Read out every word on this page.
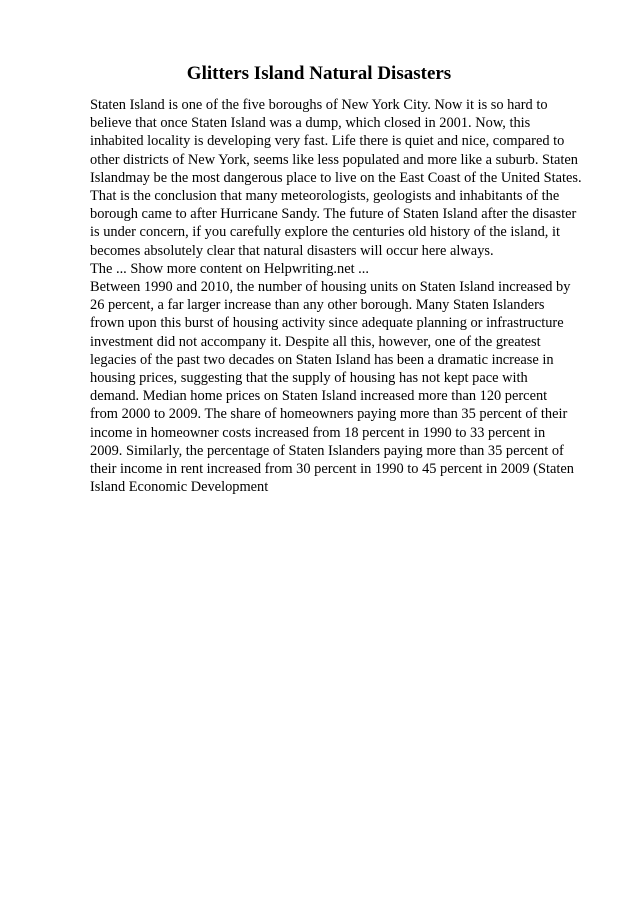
Glitters Island Natural Disasters
Staten Island is one of the five boroughs of New York City. Now it is so hard to
believe that once Staten Island was a dump, which closed in 2001. Now, this
inhabited locality is developing very fast. Life there is quiet and nice, compared to
other districts of New York, seems like less populated and more like a suburb. Staten
Islandmay be the most dangerous place to live on the East Coast of the United States.
That is the conclusion that many meteorologists, geologists and inhabitants of the
borough came to after Hurricane Sandy. The future of Staten Island after the disaster
is under concern, if you carefully explore the centuries old history of the island, it
becomes absolutely clear that natural disasters will occur here always.
The ... Show more content on Helpwriting.net ...
Between 1990 and 2010, the number of housing units on Staten Island increased by
26 percent, a far larger increase than any other borough. Many Staten Islanders
frown upon this burst of housing activity since adequate planning or infrastructure
investment did not accompany it. Despite all this, however, one of the greatest
legacies of the past two decades on Staten Island has been a dramatic increase in
housing prices, suggesting that the supply of housing has not kept pace with
demand. Median home prices on Staten Island increased more than 120 percent
from 2000 to 2009. The share of homeowners paying more than 35 percent of their
income in homeowner costs increased from 18 percent in 1990 to 33 percent in
2009. Similarly, the percentage of Staten Islanders paying more than 35 percent of
their income in rent increased from 30 percent in 1990 to 45 percent in 2009 (Staten
Island Economic Development
